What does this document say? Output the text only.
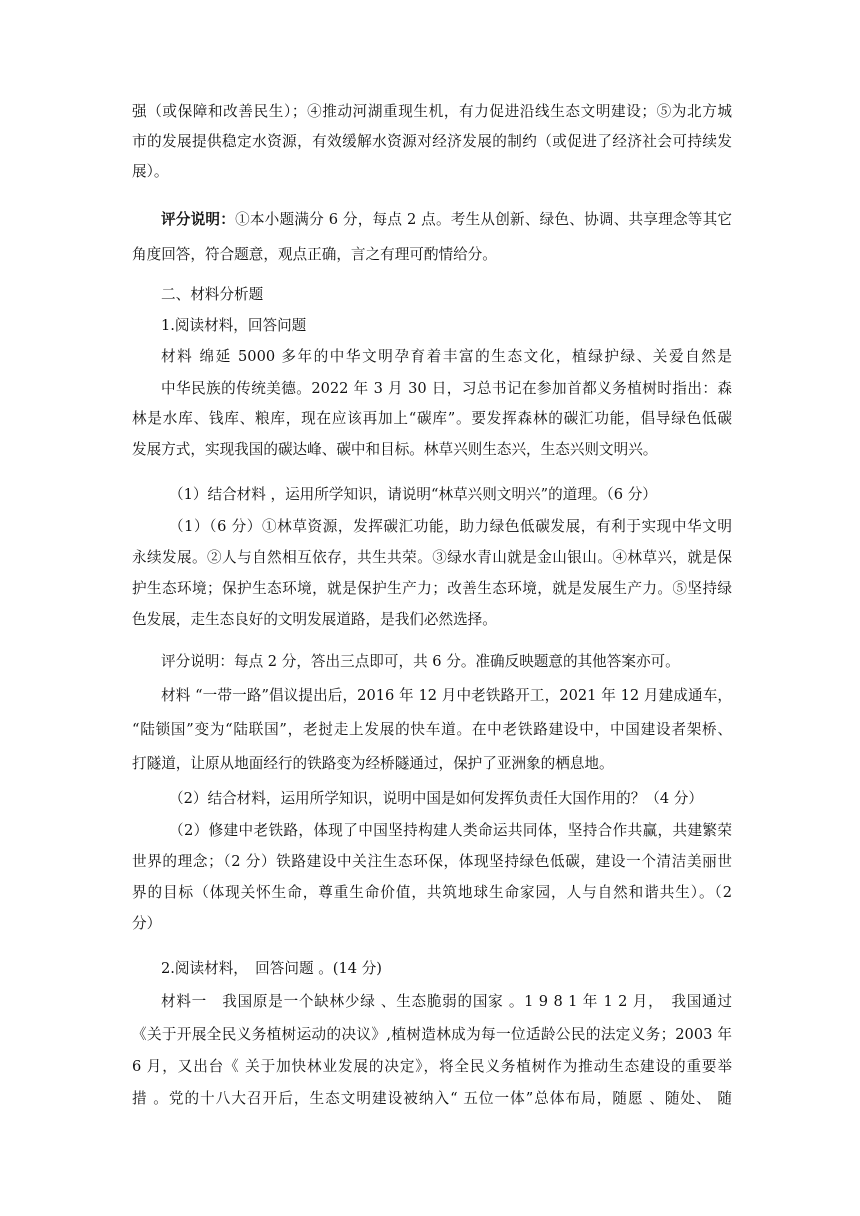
强（或保障和改善民生）；④推动河湖重现生机，有力促进沿线生态文明建设；⑤为北方城
市的发展提供稳定水资源，有效缓解水资源对经济发展的制约（或促进了经济社会可持续发
展）。
评分说明：①本小题满分 6 分，每点 2 点。考生从创新、绿色、协调、共享理念等其它
角度回答，符合题意，观点正确，言之有理可酌情给分。
二、材料分析题
1.阅读材料，回答问题
材料 绵延 5000 多年的中华文明孕育着丰富的生态文化，植绿护绿、关爱自然是
中华民族的传统美德。2022 年 3 月 30 日，习总书记在参加首都义务植树时指出：森
林是水库、钱库、粮库，现在应该再加上“碳库”。要发挥森林的碳汇功能，倡导绿色低碳
发展方式，实现我国的碳达峰、碳中和目标。林草兴则生态兴，生态兴则文明兴。
（1）结合材料 ，运用所学知识，请说明“林草兴则文明兴”的道理。（6 分）
（1）（6 分）①林草资源，发挥碳汇功能，助力绿色低碳发展，有利于实现中华文明
永续发展。②人与自然相互依存，共生共荣。③绿水青山就是金山银山。④林草兴，就是保
护生态环境；保护生态环境，就是保护生产力；改善生态环境，就是发展生产力。⑤坚持绿
色发展，走生态良好的文明发展道路，是我们必然选择。
评分说明：每点 2 分，答出三点即可，共 6 分。准确反映题意的其他答案亦可。
材料 “一带一路”倡议提出后，2016 年 12 月中老铁路开工，2021 年 12 月建成通车，
“陆锁国”变为“陆联国”，老挝走上发展的快车道。在中老铁路建设中，中国建设者架桥、
打隧道，让原从地面经行的铁路变为经桥隧通过，保护了亚洲象的栖息地。
（2）结合材料，运用所学知识，说明中国是如何发挥负责任大国作用的？（4 分）
（2）修建中老铁路，体现了中国坚持构建人类命运共同体，坚持合作共赢，共建繁荣
世界的理念；（2 分）铁路建设中关注生态环保，体现坚持绿色低碳，建设一个清洁美丽世
界的目标（体现关怀生命，尊重生命价值，共筑地球生命家园，人与自然和谐共生）。（2
分）
2.阅读材料，　回答问题 。(14 分)
材料一　我国原是一个缺林少绿 、生态脆弱的国家 。1 9 8 1 年 1 2 月，　我国通过
《关于开展全民义务植树运动的决议》,植树造林成为每一位适龄公民的法定义务；2003 年
6 月，又出台《 关于加快林业发展的决定》，将全民义务植树作为推动生态建设的重要举
措 。党的十八大召开后，生态文明建设被纳入“ 五位一体”总体布局，随愿 、随处、 随
